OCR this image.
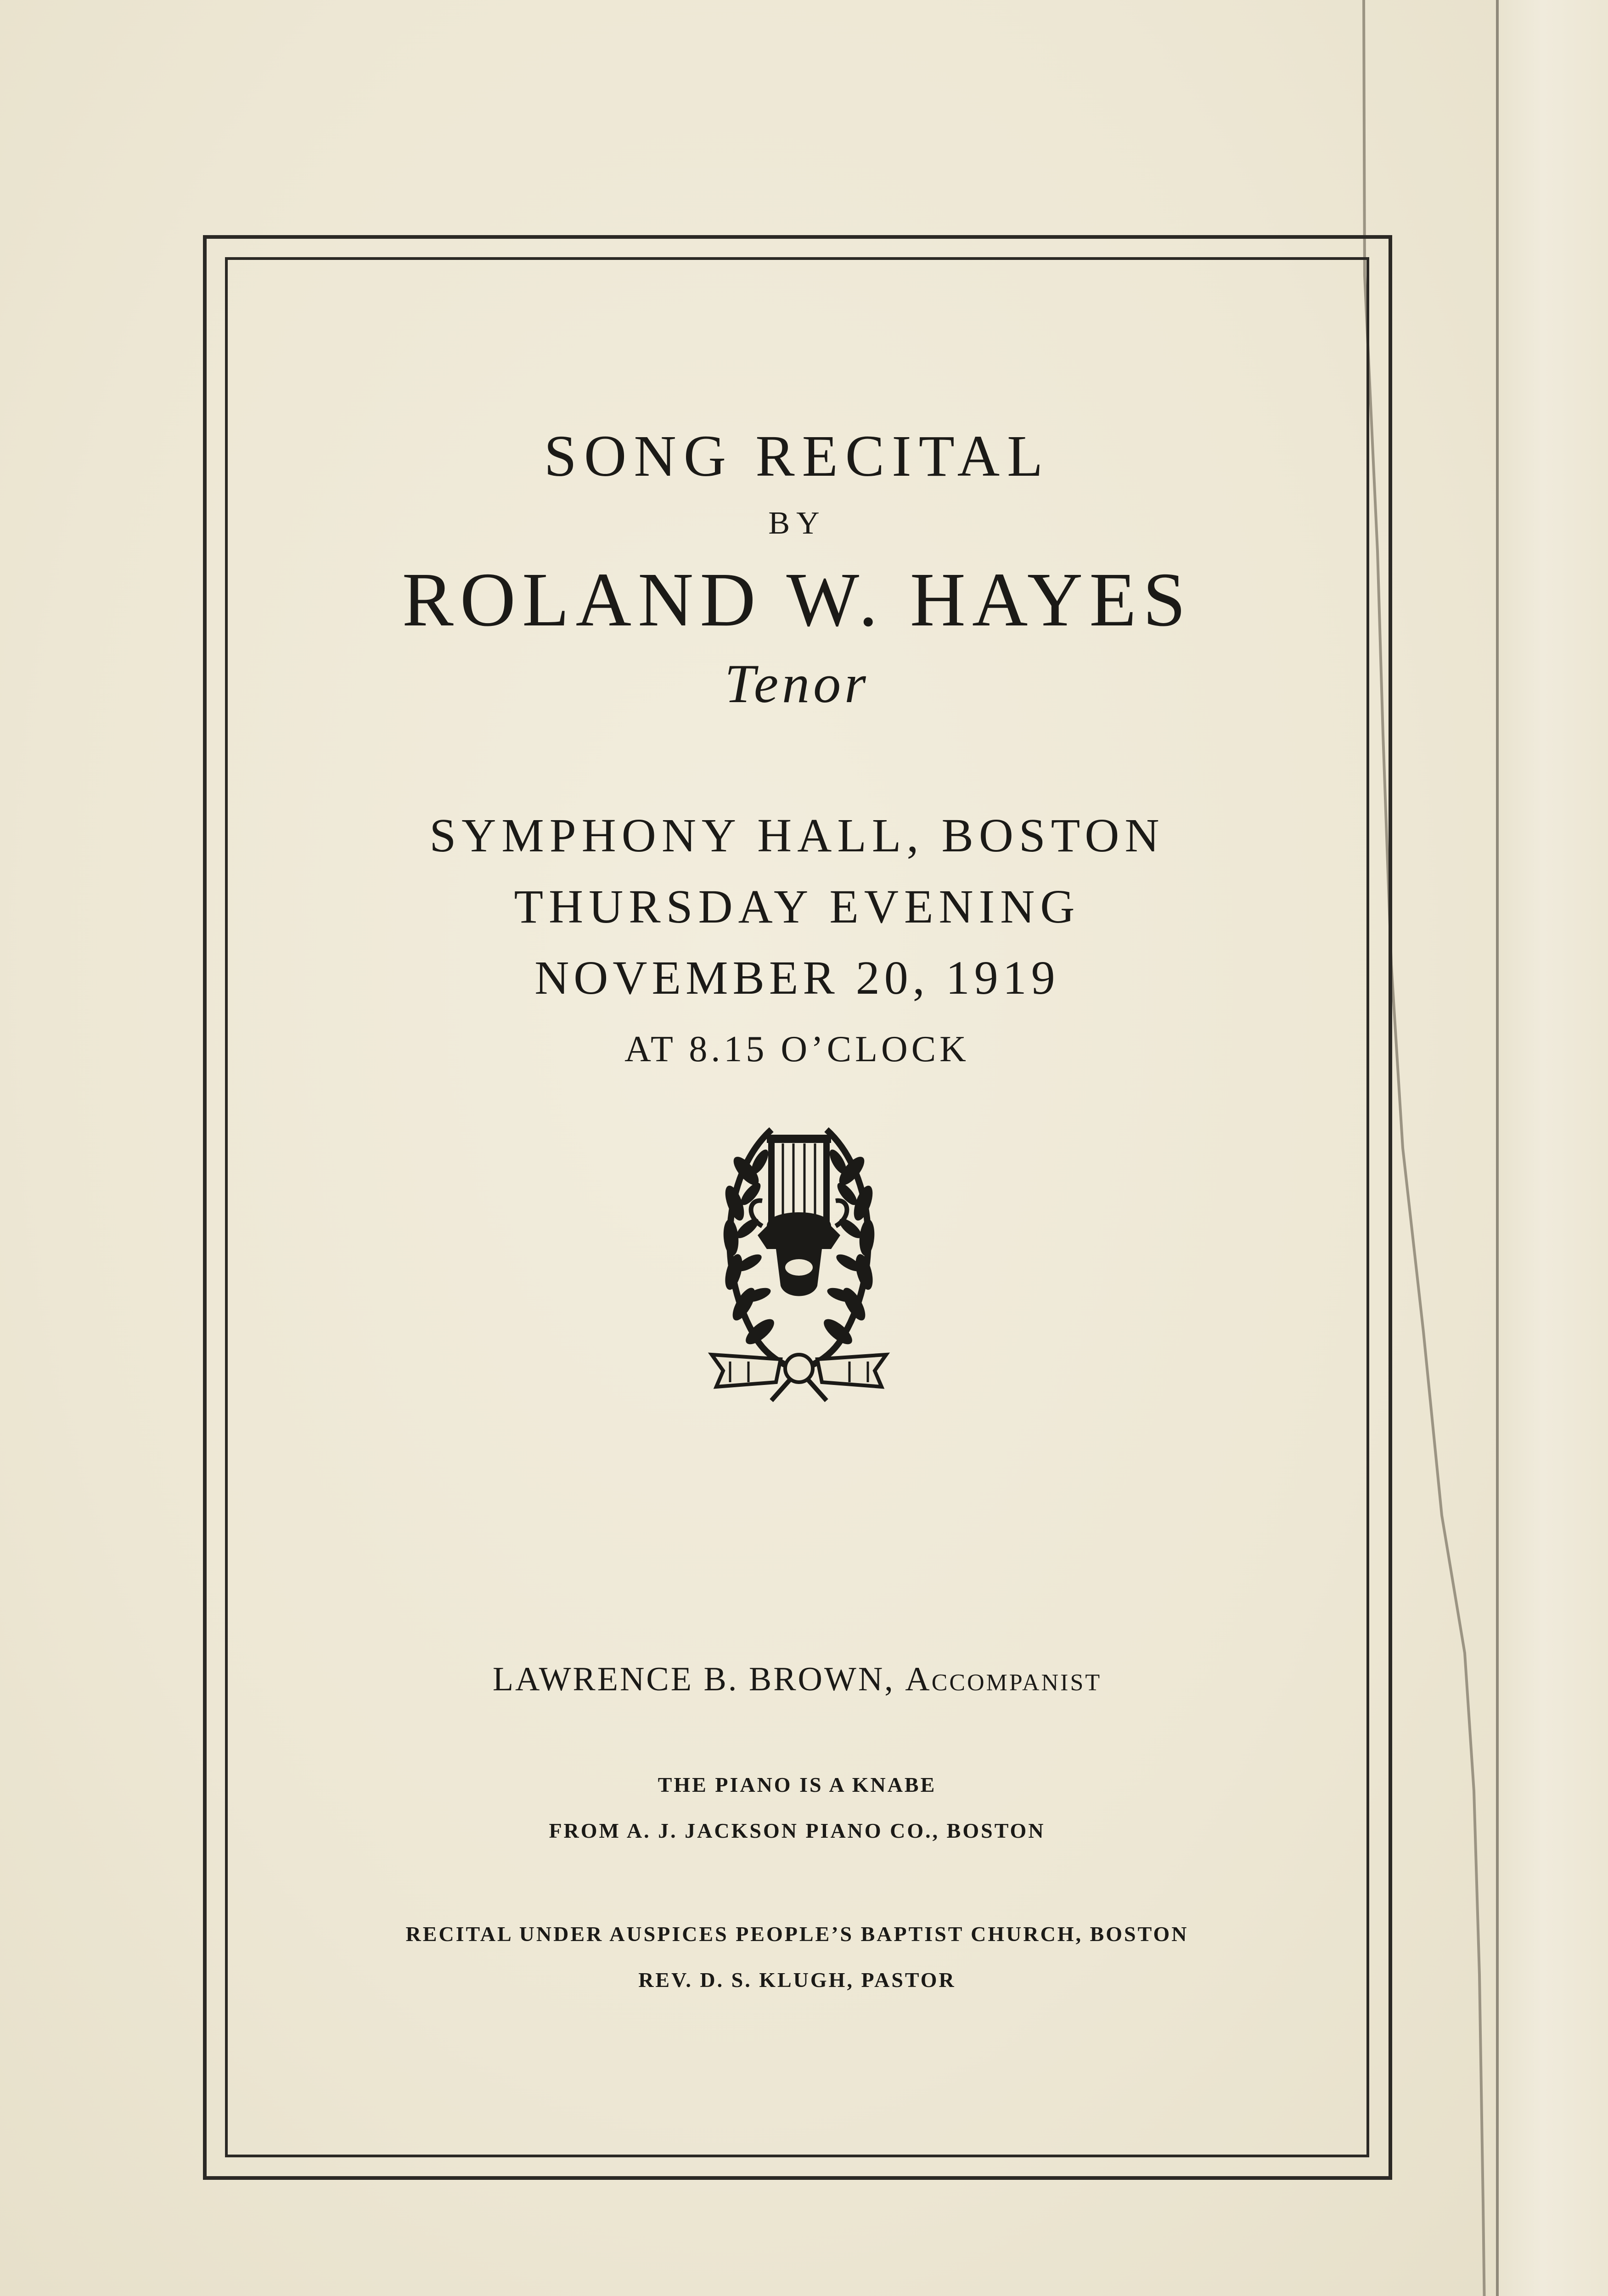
SONG RECITAL
BY
ROLAND W. HAYES
Tenor
SYMPHONY HALL, BOSTON
THURSDAY EVENING
NOVEMBER 20, 1919
AT 8.15 O’CLOCK
LAWRENCE B. BROWN, Accompanist
THE PIANO IS A KNABE
FROM A. J. JACKSON PIANO CO., BOSTON
RECITAL UNDER AUSPICES PEOPLE’S BAPTIST CHURCH, BOSTON
REV. D. S. KLUGH, PASTOR
